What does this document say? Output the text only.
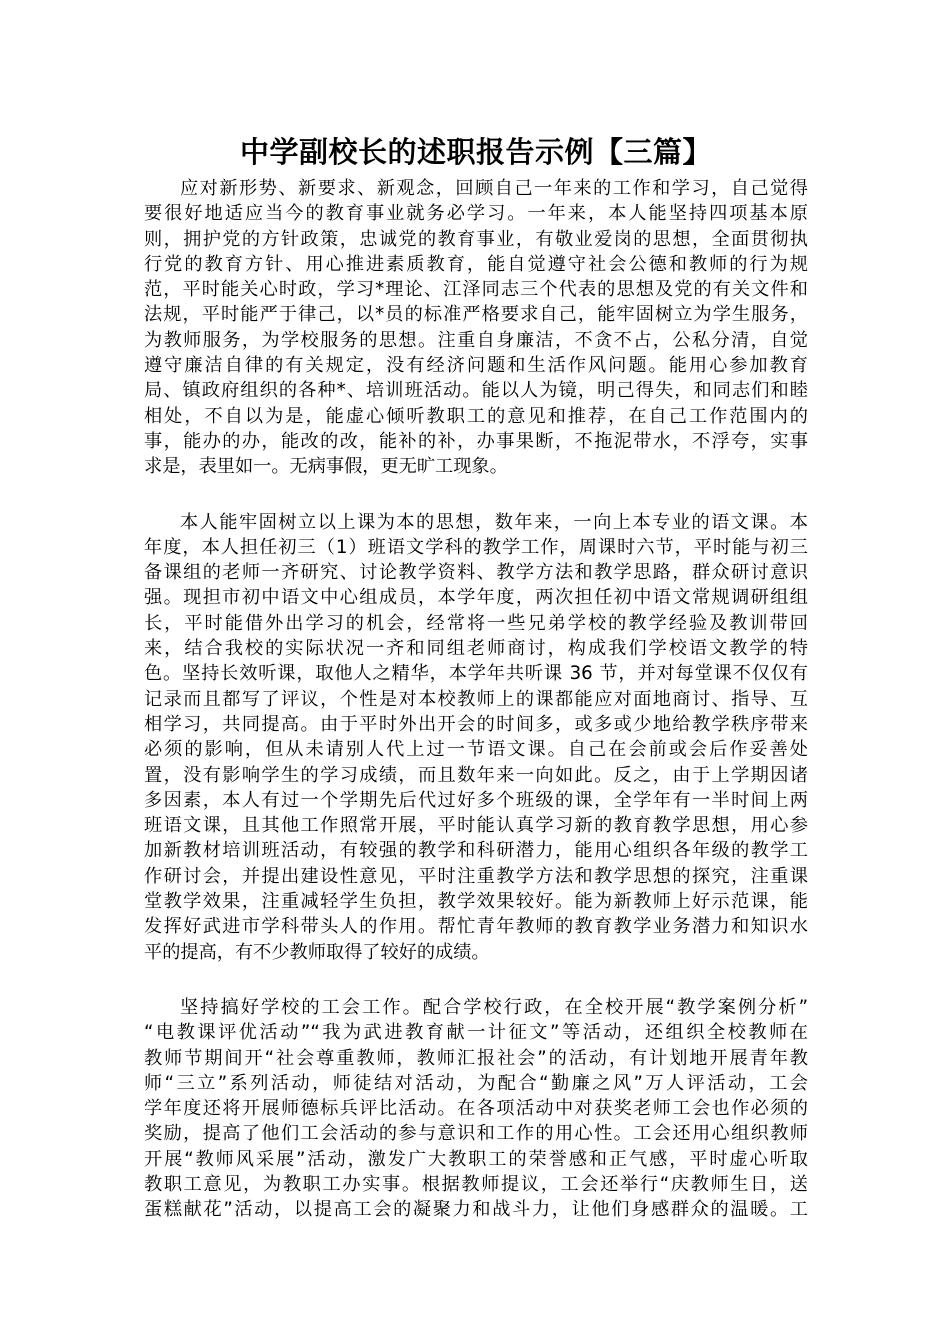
中学副校长的述职报告示例【三篇】
应对新形势、新要求、新观念，回顾自己一年来的工作和学习，自己觉得
要很好地适应当今的教育事业就务必学习。一年来，本人能坚持四项基本原
则，拥护党的方针政策，忠诚党的教育事业，有敬业爱岗的思想，全面贯彻执
行党的教育方针、用心推进素质教育，能自觉遵守社会公德和教师的行为规
范，平时能关心时政，学习*理论、江泽同志三个代表的思想及党的有关文件和
法规，平时能严于律己，以*员的标准严格要求自己，能牢固树立为学生服务，
为教师服务，为学校服务的思想。注重自身廉洁，不贪不占，公私分清，自觉
遵守廉洁自律的有关规定，没有经济问题和生活作风问题。能用心参加教育
局、镇政府组织的各种*、培训班活动。能以人为镜，明己得失，和同志们和睦
相处，不自以为是，能虚心倾听教职工的意见和推荐，在自己工作范围内的
事，能办的办，能改的改，能补的补，办事果断，不拖泥带水，不浮夸，实事
求是，表里如一。无病事假，更无旷工现象。
本人能牢固树立以上课为本的思想，数年来，一向上本专业的语文课。本
年度，本人担任初三（1）班语文学科的教学工作，周课时六节，平时能与初三
备课组的老师一齐研究、讨论教学资料、教学方法和教学思路，群众研讨意识
强。现担市初中语文中心组成员，本学年度，两次担任初中语文常规调研组组
长，平时能借外出学习的机会，经常将一些兄弟学校的教学经验及教训带回
来，结合我校的实际状况一齐和同组老师商讨，构成我们学校语文教学的特
色。坚持长效听课，取他人之精华，本学年共听课 36 节，并对每堂课不仅仅有
记录而且都写了评议，个性是对本校教师上的课都能应对面地商讨、指导、互
相学习，共同提高。由于平时外出开会的时间多，或多或少地给教学秩序带来
必须的影响，但从未请别人代上过一节语文课。自己在会前或会后作妥善处
置，没有影响学生的学习成绩，而且数年来一向如此。反之，由于上学期因诸
多因素，本人有过一个学期先后代过好多个班级的课，全学年有一半时间上两
班语文课，且其他工作照常开展，平时能认真学习新的教育教学思想，用心参
加新教材培训班活动，有较强的教学和科研潜力，能用心组织各年级的教学工
作研讨会，并提出建设性意见，平时注重教学方法和教学思想的探究，注重课
堂教学效果，注重减轻学生负担，教学效果较好。能为新教师上好示范课，能
发挥好武进市学科带头人的作用。帮忙青年教师的教育教学业务潜力和知识水
平的提高，有不少教师取得了较好的成绩。
坚持搞好学校的工会工作。配合学校行政，在全校开展“教学案例分析”
“电教课评优活动”“我为武进教育献一计征文”等活动，还组织全校教师在
教师节期间开“社会尊重教师，教师汇报社会”的活动，有计划地开展青年教
师“三立”系列活动，师徒结对活动，为配合“勤廉之风”万人评活动，工会
学年度还将开展师德标兵评比活动。在各项活动中对获奖老师工会也作必须的
奖励，提高了他们工会活动的参与意识和工作的用心性。工会还用心组织教师
开展“教师风采展”活动，激发广大教职工的荣誉感和正气感，平时虚心听取
教职工意见，为教职工办实事。根据教师提议，工会还举行“庆教师生日，送
蛋糕献花”活动，以提高工会的凝聚力和战斗力，让他们身感群众的温暖。工
